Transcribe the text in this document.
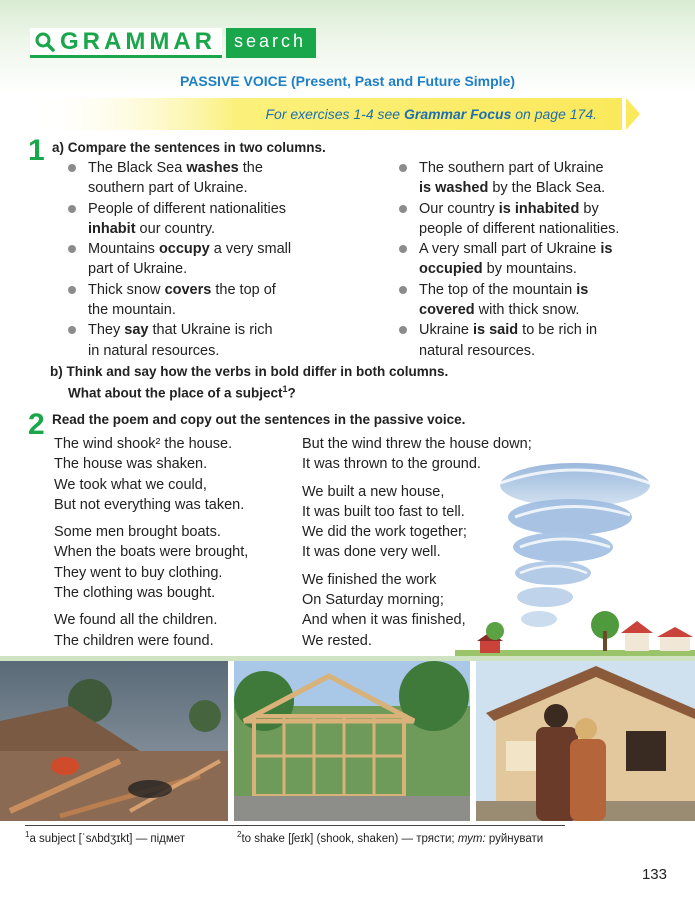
GRAMMAR	search
PASSIVE VOICE (Present, Past and Future Simple)
For exercises 1-4 see Grammar Focus on page 174.
1 a) Compare the sentences in two columns.
The Black Sea washes the
southern part of Ukraine.
People of different nationalities
inhabit our country.
Mountains occupy a very small
part of Ukraine.
Thick snow covers the top of
the mountain.
They say that Ukraine is rich
in natural resources.
The southern part of Ukraine
is washed by the Black Sea.
Our country is inhabited by
people of different nationalities.
A very small part of Ukraine is
occupied by mountains.
The top of the mountain is
covered with thick snow.
Ukraine is said to be rich in
natural resources.
b) Think and say how the verbs in bold differ in both columns.
What about the place of a subject$^1$?
2 Read the poem and copy out the sentences in the passive voice.
The wind shook² the house.
The house was shaken.
We took what we could,
But not everything was taken.
Some men brought boats.
When the boats were brought,
They went to buy clothing.
The clothing was bought.
We found all the children.
The children were found.
But the wind threw the house down;
It was thrown to the ground.
We built a new house,
It was built too fast to tell.
We did the work together;
It was done very well.
We finished the work
On Saturday morning;
And when it was finished,
We rested.
$^1$a subject [ˈsʌbdʒɪkt] — підмет	$^2$to shake [ʃeɪk] (shook, shaken) — трясти; тут: руйнувати
133
